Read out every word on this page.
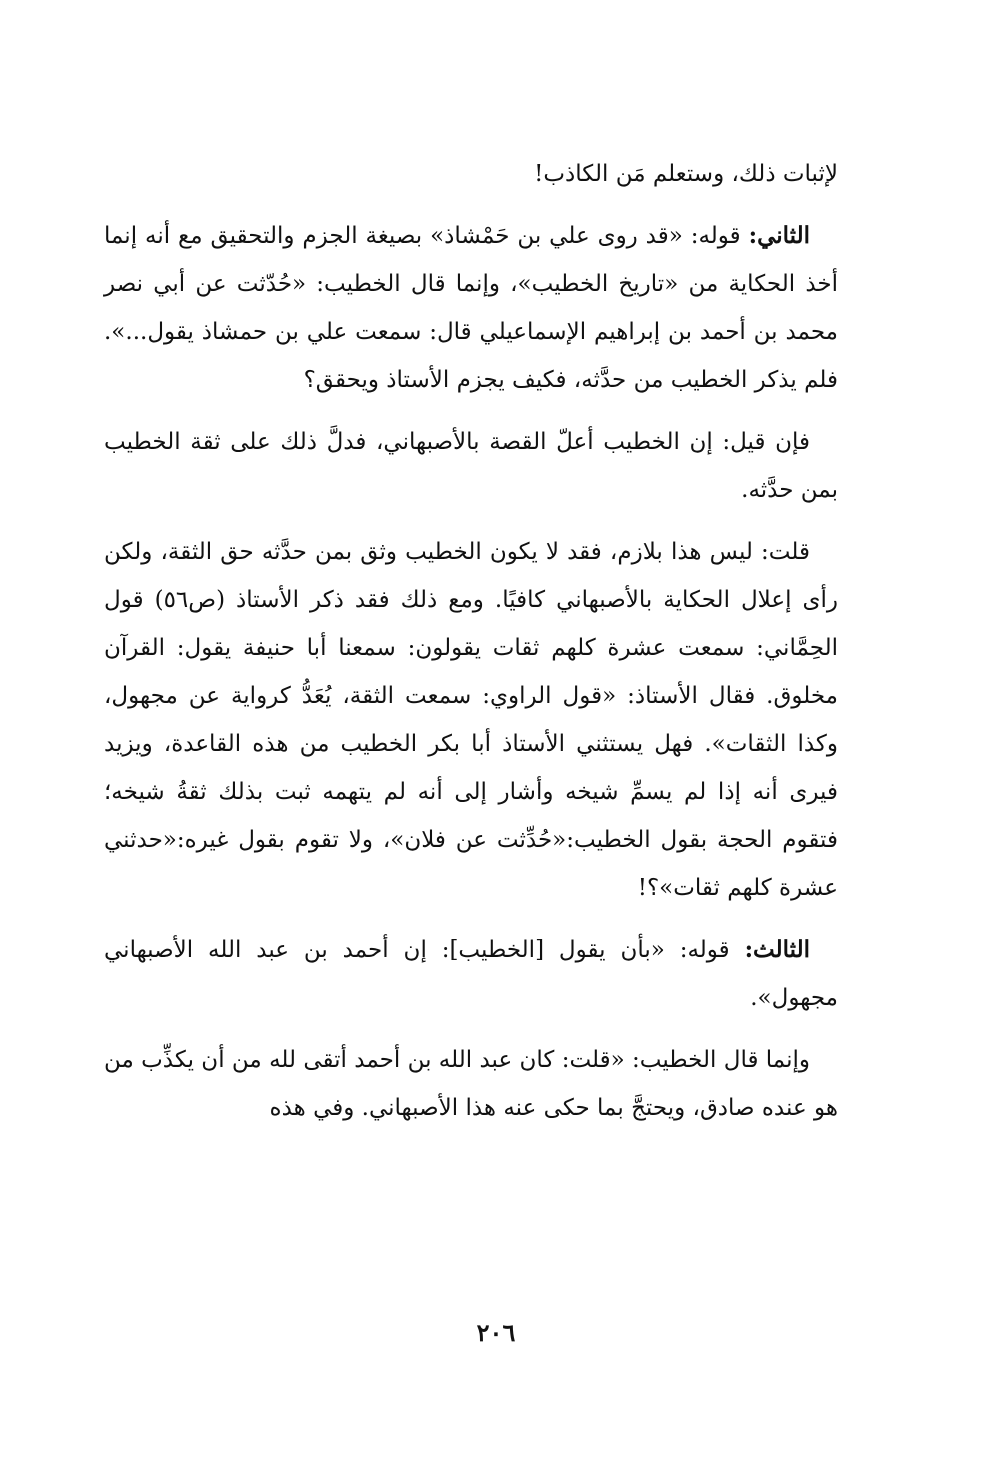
لإثبات ذلك، وستعلم مَن الكاذب!

الثاني: قوله: «قد روى علي بن حَمْشاذ» بصيغة الجزم والتحقيق مع أنه إنما أخذ الحكاية من «تاريخ الخطيب»، وإنما قال الخطيب: «حُدّثت عن أبي نصر محمد بن أحمد بن إبراهيم الإسماعيلي قال: سمعت علي بن حمشاذ يقول...». فلم يذكر الخطيب من حدَّثه، فكيف يجزم الأستاذ ويحقق؟

فإن قيل: إن الخطيب أعلّ القصة بالأصبهاني، فدلَّ ذلك على ثقة الخطيب بمن حدَّثه.

قلت: ليس هذا بلازم، فقد لا يكون الخطيب وثق بمن حدَّثه حق الثقة، ولكن رأى إعلال الحكاية بالأصبهاني كافيًا. ومع ذلك فقد ذكر الأستاذ (ص٥٦) قول الحِمَّاني: سمعت عشرة كلهم ثقات يقولون: سمعنا أبا حنيفة يقول: القرآن مخلوق. فقال الأستاذ: «قول الراوي: سمعت الثقة، يُعَدُّ كرواية عن مجهول، وكذا الثقات». فهل يستثني الأستاذ أبا بكر الخطيب من هذه القاعدة، ويزيد فيرى أنه إذا لم يسمِّ شيخه وأشار إلى أنه لم يتهمه ثبت بذلك ثقةُ شيخه؛ فتقوم الحجة بقول الخطيب:«حُدِّثت عن فلان»، ولا تقوم بقول غيره:«حدثني عشرة كلهم ثقات»؟!

الثالث: قوله: «بأن يقول [الخطيب]: إن أحمد بن عبد الله الأصبهاني مجهول».

وإنما قال الخطيب: «قلت: كان عبد الله بن أحمد أتقى لله من أن يكذِّب من هو عنده صادق، ويحتجَّ بما حكى عنه هذا الأصبهاني. وفي هذه

٢٠٦
